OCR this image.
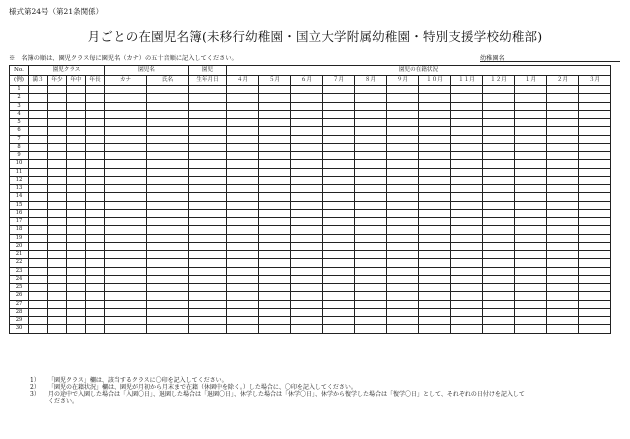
様式第24号（第21条関係）
月ごとの在園児名簿(未移行幼稚園・国立大学附属幼稚園・特別支援学校幼稚部)
※　名簿の順は、園児クラス毎に園児名（カナ）の五十音順に記入してください。	幼稚園名
No.	園児クラス				園児名		園児	園児の在籍状況											
(例)	満３	年少	年中	年長	カナ	氏名	生年月日	４月	５月	６月	７月	８月	９月	１０月	１１月	１２月	１月	２月	３月
1																			
2																			
3																			
4																			
5																			
6																			
7																			
8																			
9																			
10																			
11																			
12																			
13																			
14																			
15																			
16																			
17																			
18																			
19																			
20																			
21																			
22																			
23																			
24																			
25																			
26																			
27																			
28																			
29																			
30																			
1） 「園児クラス」欄は、該当するクラスに〇印を記入してください。
2） 「園児の在籍状況」欄は、園児が月初から月末まで在籍（休園中を除く。）した場合に、〇印を記入してください。
3） 月の途中で入園した場合は「入園〇日」、退園した場合は「退園〇日」、休学した場合は「休学〇日」、休学から復学した場合は「復学〇日」として、それぞれの日付けを記入して
ください。
